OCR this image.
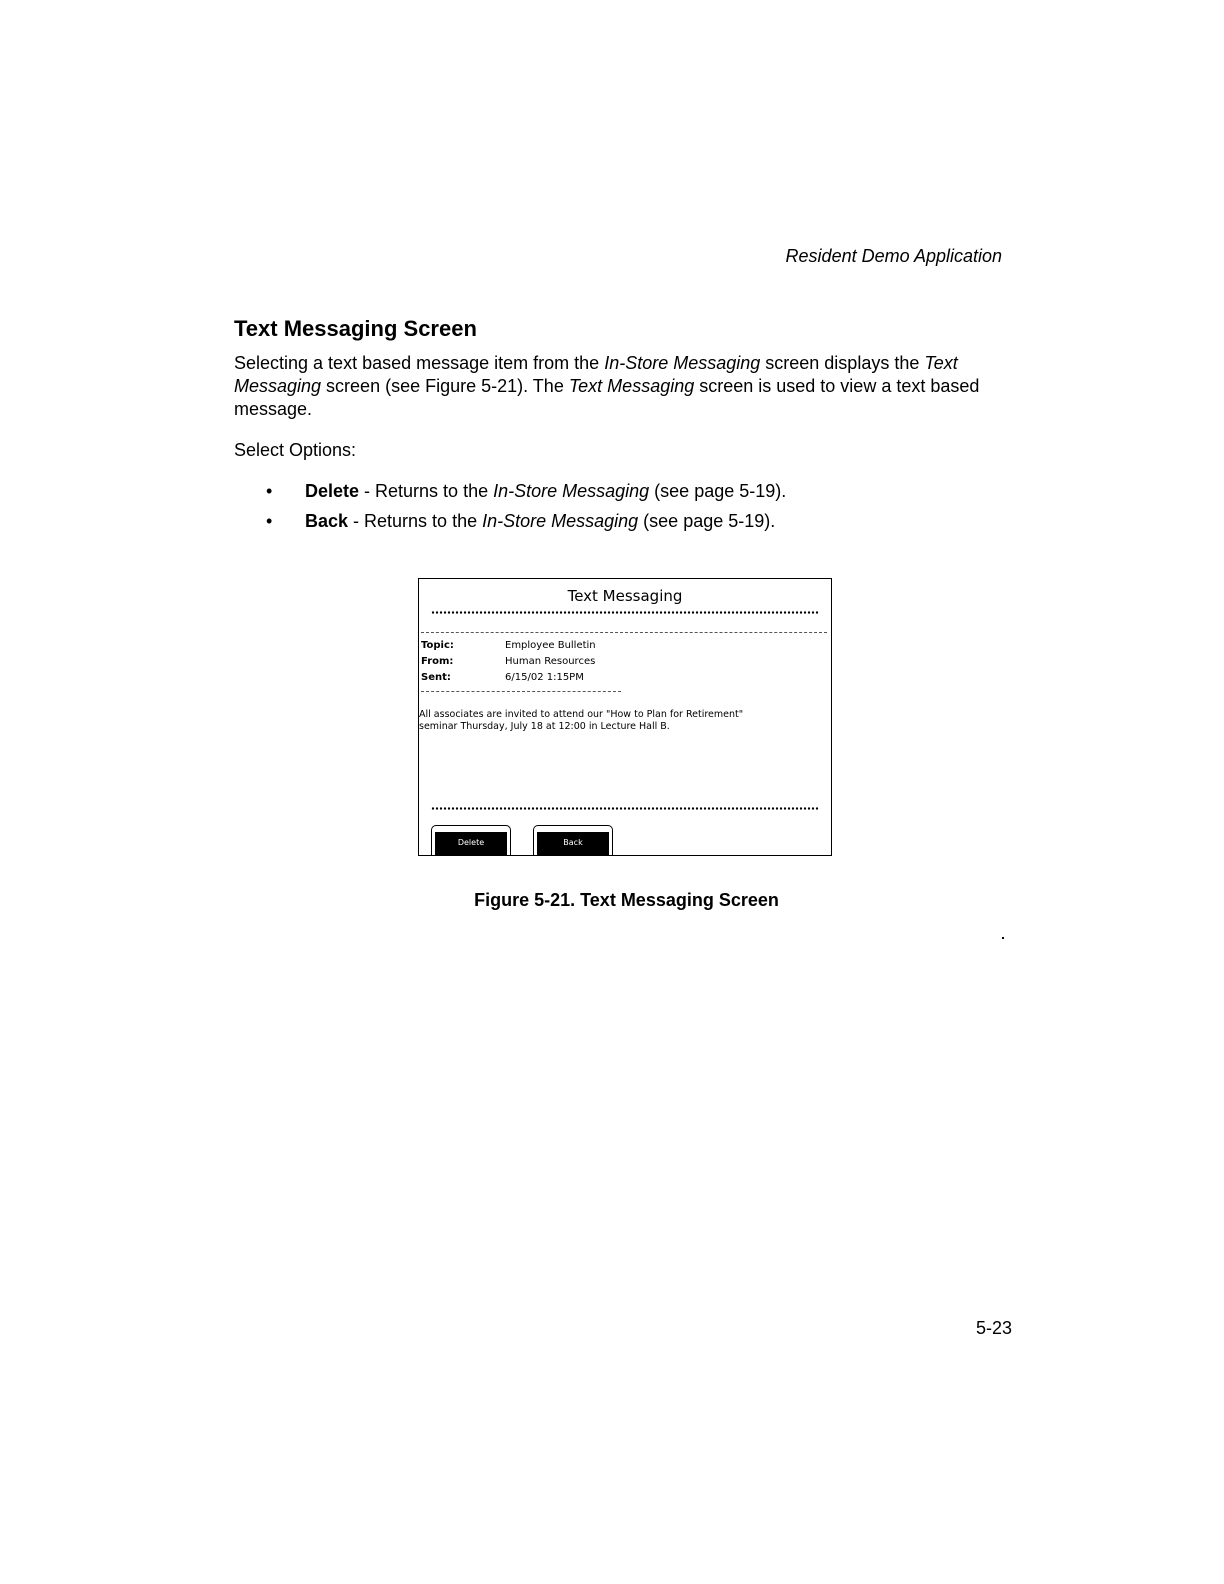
Resident Demo Application
Text Messaging Screen
Selecting a text based message item from the In-Store Messaging screen displays the Text Messaging screen (see Figure 5-21). The Text Messaging screen is used to view a text based message.
Select Options:
• Delete - Returns to the In-Store Messaging (see page 5-19).
• Back - Returns to the In-Store Messaging (see page 5-19).
Text Messaging
Topic:	Employee Bulletin
From:	Human Resources
Sent:	6/15/02 1:15PM
All associates are invited to attend our "How to Plan for Retirement"
seminar Thursday, July 18 at 12:00 in Lecture Hall B.
Delete	Back
Figure 5-21. Text Messaging Screen
5-23
